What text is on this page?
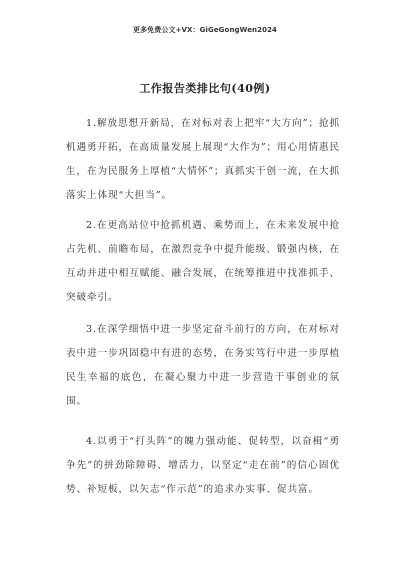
更多免费公文+VX：GiGeGongWen2024
工作报告类排比句(40例)

1.解放思想开新局，在对标对表上把牢“大方向”；抢抓机遇勇开拓，在高质量发展上展现“大作为”；用心用情惠民生，在为民服务上厚植“大情怀”；真抓实干创一流，在大抓落实上体现“大担当”。

2.在更高站位中抢抓机遇、乘势而上，在未来发展中抢占先机、前瞻布局，在激烈竞争中提升能级、锻强内核，在互动并进中相互赋能、融合发展，在统筹推进中找准抓手、突破牵引。

3.在深学细悟中进一步坚定奋斗前行的方向，在对标对表中进一步巩固稳中有进的态势，在务实笃行中进一步厚植民生幸福的底色，在凝心聚力中进一步营造干事创业的氛围。

4.以勇于“打头阵”的魄力强动能、促转型，以奋楫“勇争先”的拼劲除障碍、增活力，以坚定“走在前”的信心固优势、补短板，以矢志“作示范”的追求办实事、促共富。
